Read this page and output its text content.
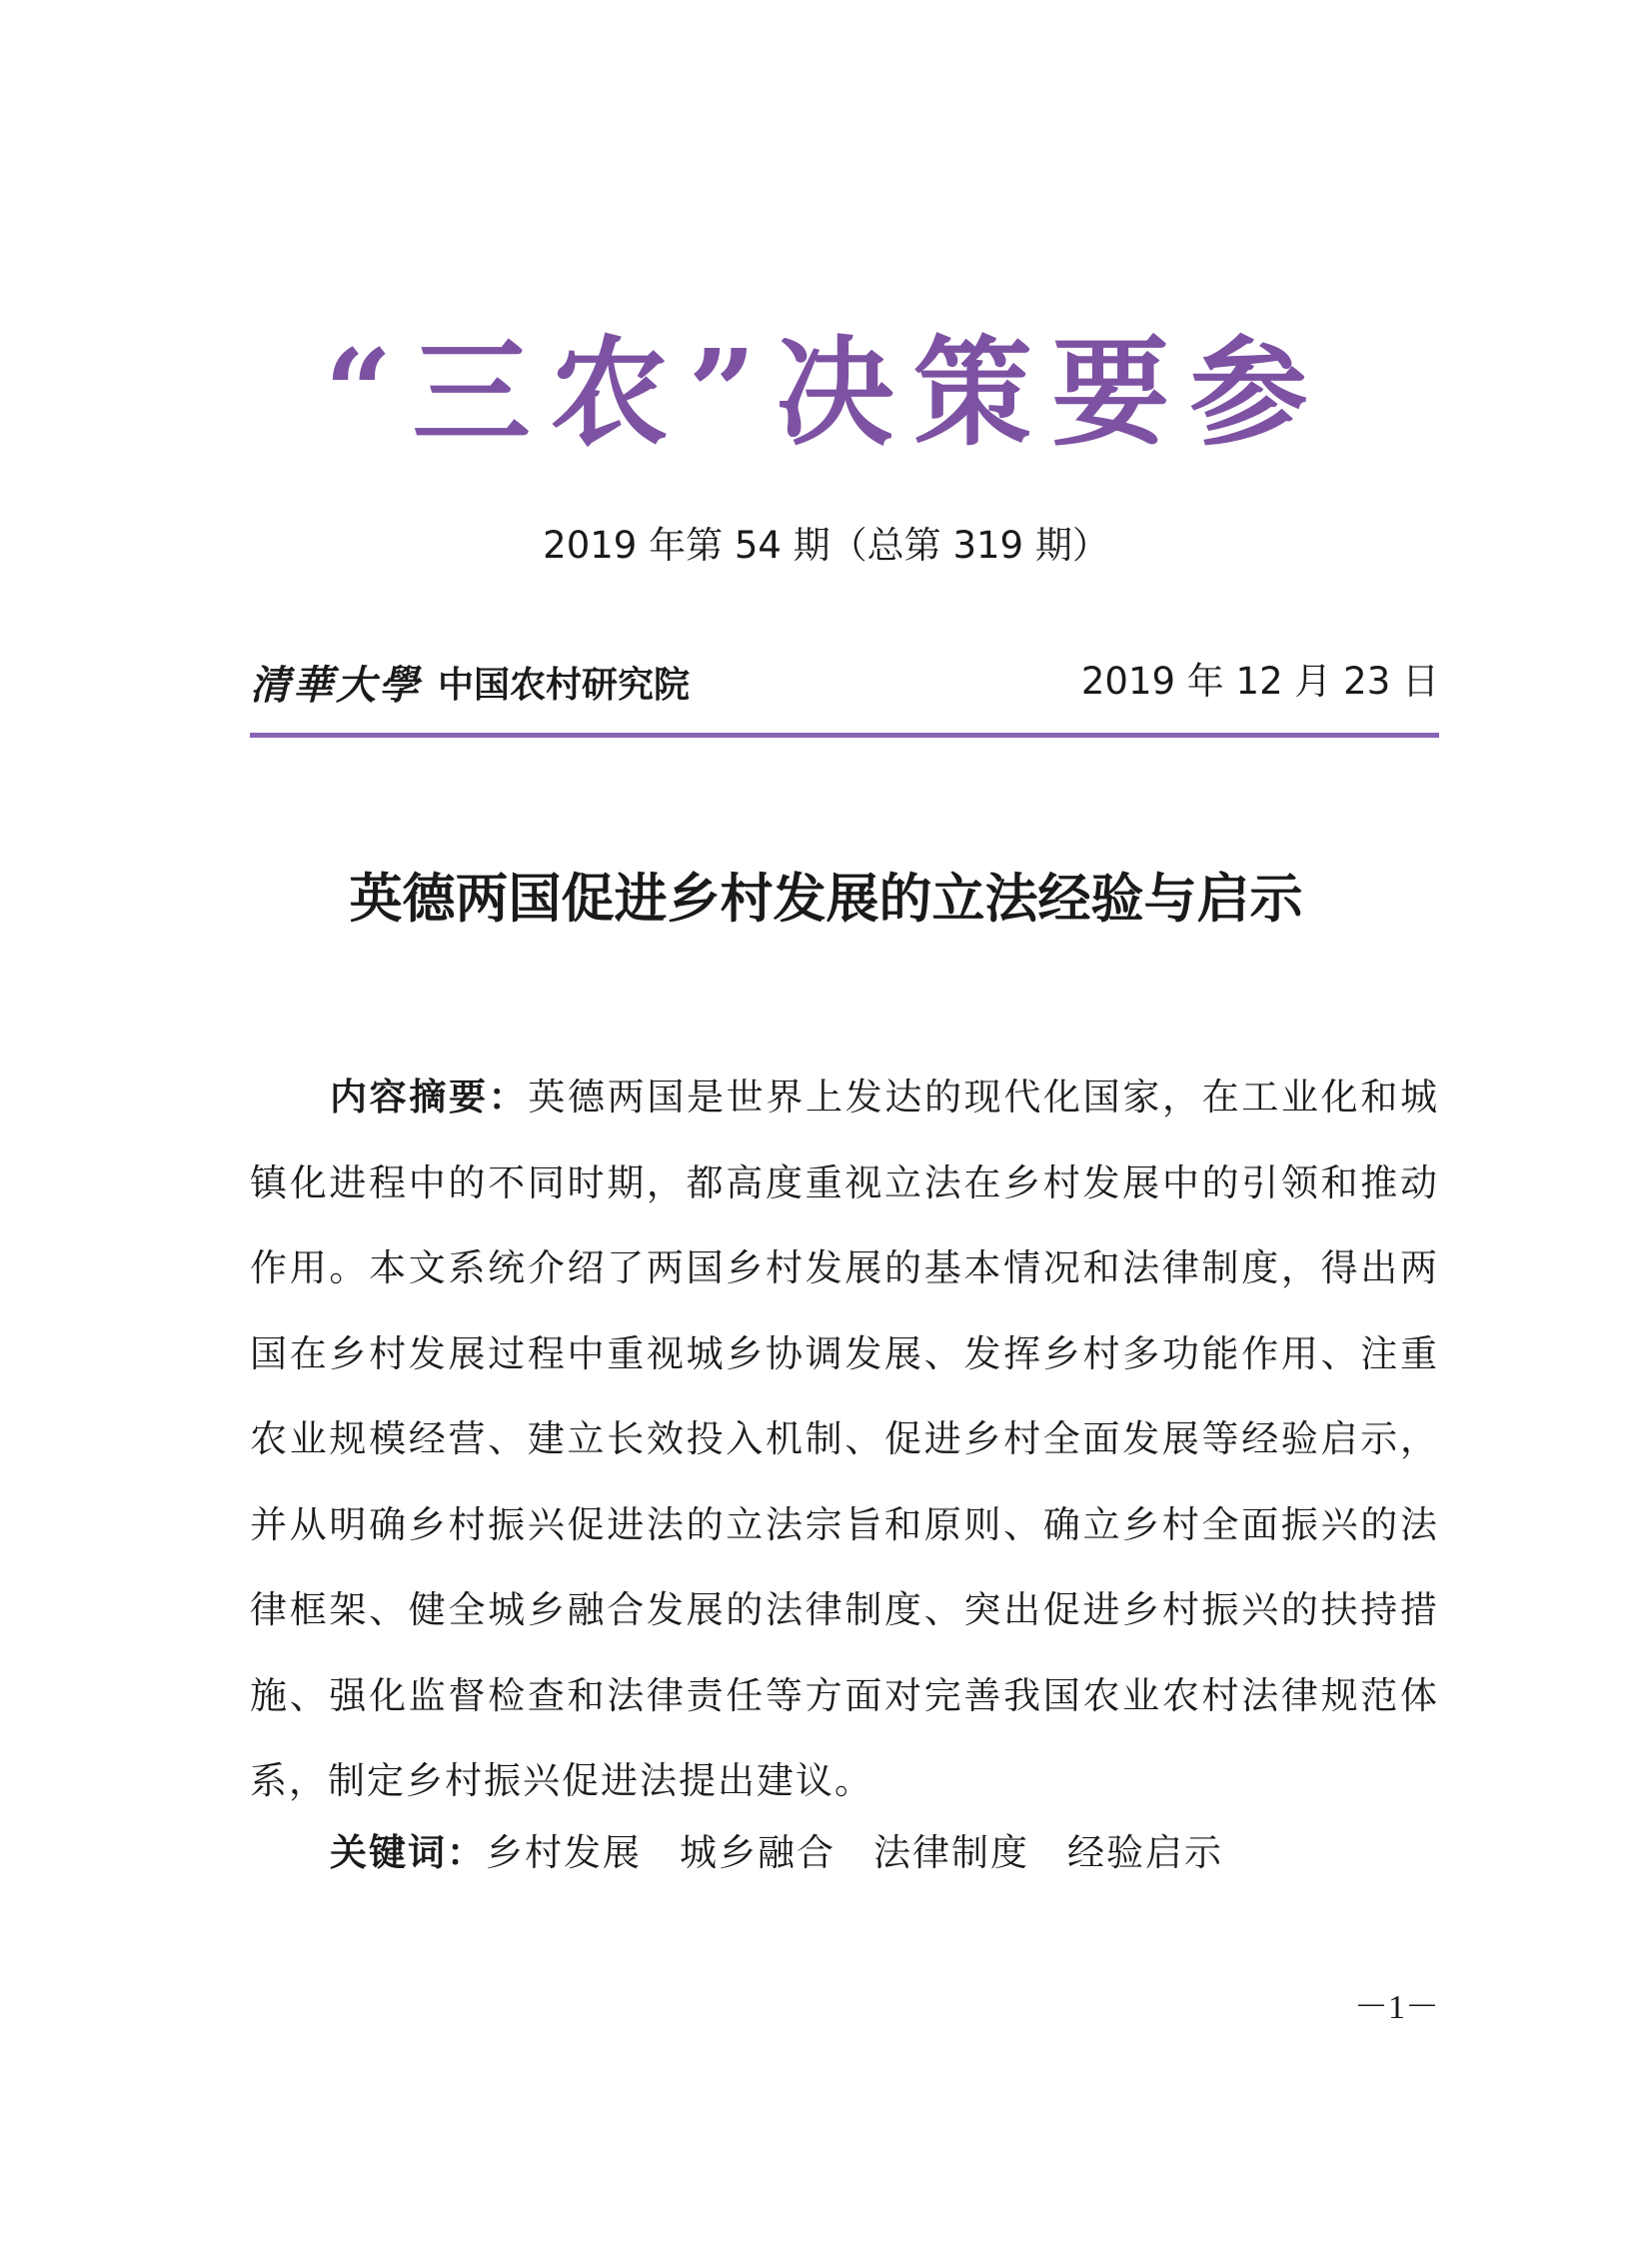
“三农”决策要参
2019 年第 54 期（总第 319 期）
清華大學 中国农村研究院	2019 年 12 月 23 日
英德两国促进乡村发展的立法经验与启示

内容摘要：英德两国是世界上发达的现代化国家，在工业化和城镇化进程中的不同时期，都高度重视立法在乡村发展中的引领和推动作用。本文系统介绍了两国乡村发展的基本情况和法律制度，得出两国在乡村发展过程中重视城乡协调发展、发挥乡村多功能作用、注重农业规模经营、建立长效投入机制、促进乡村全面发展等经验启示，并从明确乡村振兴促进法的立法宗旨和原则、确立乡村全面振兴的法律框架、健全城乡融合发展的法律制度、突出促进乡村振兴的扶持措施、强化监督检查和法律责任等方面对完善我国农业农村法律规范体系，制定乡村振兴促进法提出建议。

关键词：乡村发展 城乡融合 法律制度 经验启示
－1－
